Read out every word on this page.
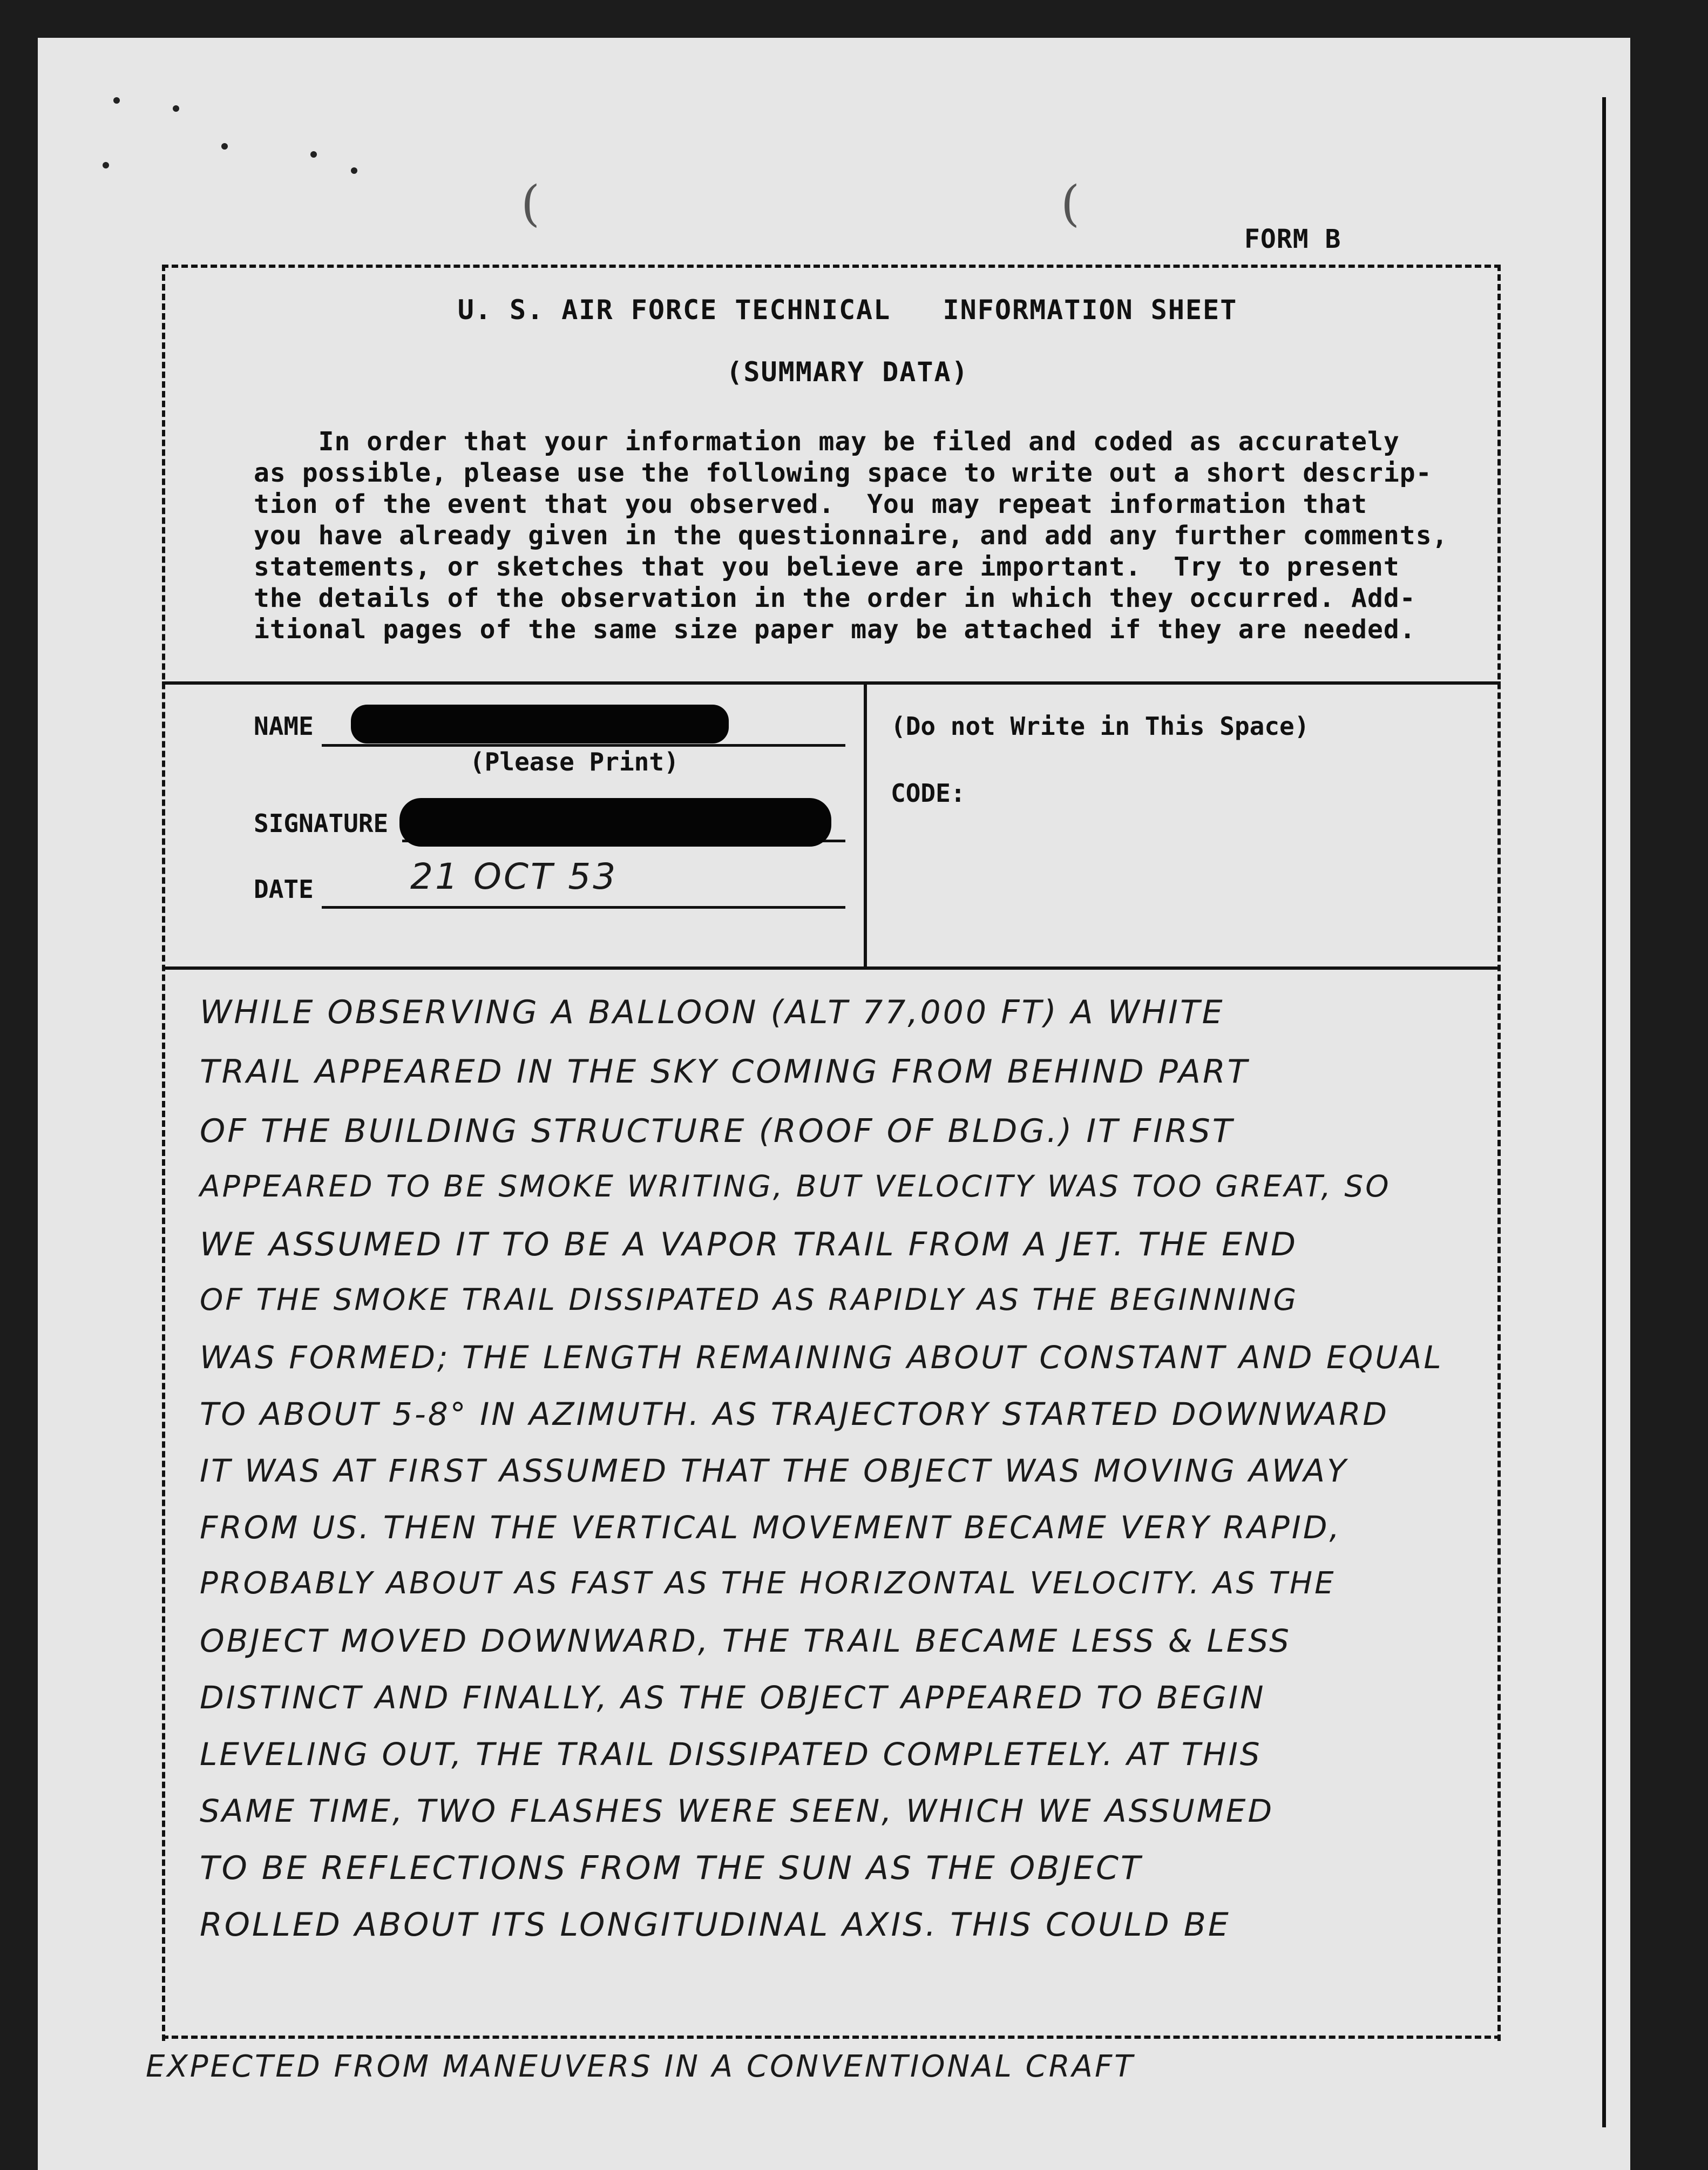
(	(
FORM B
U. S. AIR FORCE TECHNICAL   INFORMATION SHEET
(SUMMARY DATA)
In order that your information may be filed and coded as accurately
as possible, please use the following space to write out a short descrip-
tion of the event that you observed.  You may repeat information that
you have already given in the questionnaire, and add any further comments,
statements, or sketches that you believe are important.  Try to present
the details of the observation in the order in which they occurred. Add-
itional pages of the same size paper may be attached if they are needed.
NAME
(Please Print)
SIGNATURE
DATE	21 OCT 53
(Do not Write in This Space)
CODE:
WHILE OBSERVING A BALLOON (ALT 77,000 FT) A WHITE
TRAIL APPEARED IN THE SKY COMING FROM BEHIND PART
OF THE BUILDING STRUCTURE (ROOF OF BLDG.) IT FIRST
APPEARED TO BE SMOKE WRITING, BUT VELOCITY WAS TOO GREAT, SO
WE ASSUMED IT TO BE A VAPOR TRAIL FROM A JET. THE END
OF THE SMOKE TRAIL DISSIPATED AS RAPIDLY AS THE BEGINNING
WAS FORMED; THE LENGTH REMAINING ABOUT CONSTANT AND EQUAL
TO ABOUT 5-8° IN AZIMUTH. AS TRAJECTORY STARTED DOWNWARD
IT WAS AT FIRST ASSUMED THAT THE OBJECT WAS MOVING AWAY
FROM US. THEN THE VERTICAL MOVEMENT BECAME VERY RAPID,
PROBABLY ABOUT AS FAST AS THE HORIZONTAL VELOCITY. AS THE
OBJECT MOVED DOWNWARD, THE TRAIL BECAME LESS & LESS
DISTINCT AND FINALLY, AS THE OBJECT APPEARED TO BEGIN
LEVELING OUT, THE TRAIL DISSIPATED COMPLETELY. AT THIS
SAME TIME, TWO FLASHES WERE SEEN, WHICH WE ASSUMED
TO BE REFLECTIONS FROM THE SUN AS THE OBJECT
ROLLED ABOUT ITS LONGITUDINAL AXIS. THIS COULD BE
EXPECTED FROM MANEUVERS IN A CONVENTIONAL CRAFT
